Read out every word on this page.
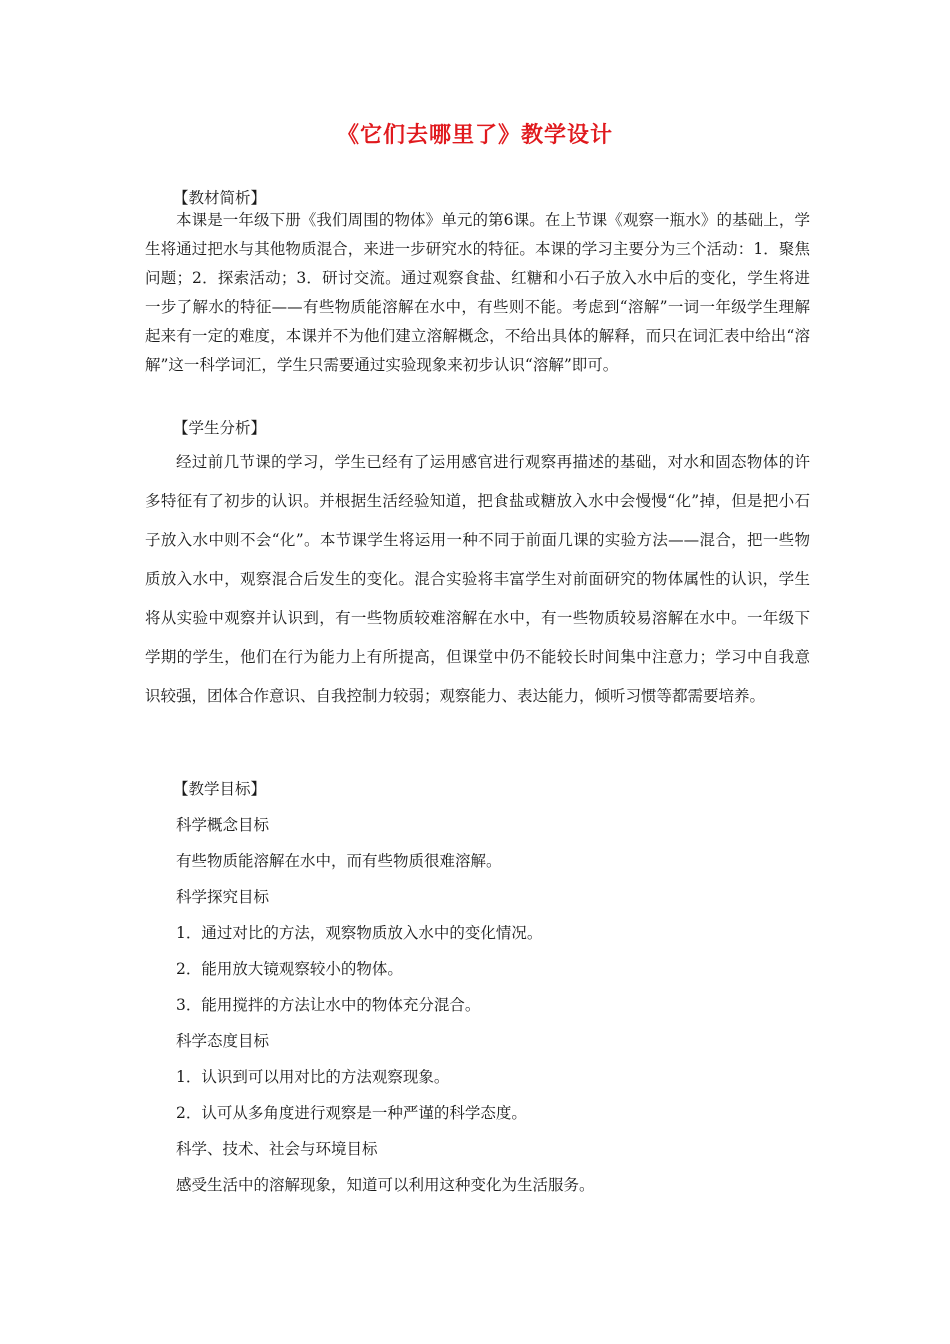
《它们去哪里了》教学设计
【教材简析】
本课是一年级下册《我们周围的物体》单元的第6课。在上节课《观察一瓶水》的基础上，学生将通过把水与其他物质混合，来进一步研究水的特征。本课的学习主要分为三个活动：1．聚焦问题；2．探索活动；3．研讨交流。通过观察食盐、红糖和小石子放入水中后的变化，学生将进一步了解水的特征——有些物质能溶解在水中，有些则不能。考虑到“溶解”一词一年级学生理解起来有一定的难度，本课并不为他们建立溶解概念，不给出具体的解释，而只在词汇表中给出“溶解”这一科学词汇，学生只需要通过实验现象来初步认识“溶解”即可。
【学生分析】
经过前几节课的学习，学生已经有了运用感官进行观察再描述的基础，对水和固态物体的许多特征有了初步的认识。并根据生活经验知道，把食盐或糖放入水中会慢慢“化”掉，但是把小石子放入水中则不会“化”。本节课学生将运用一种不同于前面几课的实验方法——混合，把一些物质放入水中，观察混合后发生的变化。混合实验将丰富学生对前面研究的物体属性的认识，学生将从实验中观察并认识到，有一些物质较难溶解在水中，有一些物质较易溶解在水中。一年级下学期的学生，他们在行为能力上有所提高，但课堂中仍不能较长时间集中注意力；学习中自我意识较强，团体合作意识、自我控制力较弱；观察能力、表达能力，倾听习惯等都需要培养。
【教学目标】
科学概念目标
有些物质能溶解在水中，而有些物质很难溶解。
科学探究目标
1．通过对比的方法，观察物质放入水中的变化情况。
2．能用放大镜观察较小的物体。
3．能用搅拌的方法让水中的物体充分混合。
科学态度目标
1．认识到可以用对比的方法观察现象。
2．认可从多角度进行观察是一种严谨的科学态度。
科学、技术、社会与环境目标
感受生活中的溶解现象，知道可以利用这种变化为生活服务。
